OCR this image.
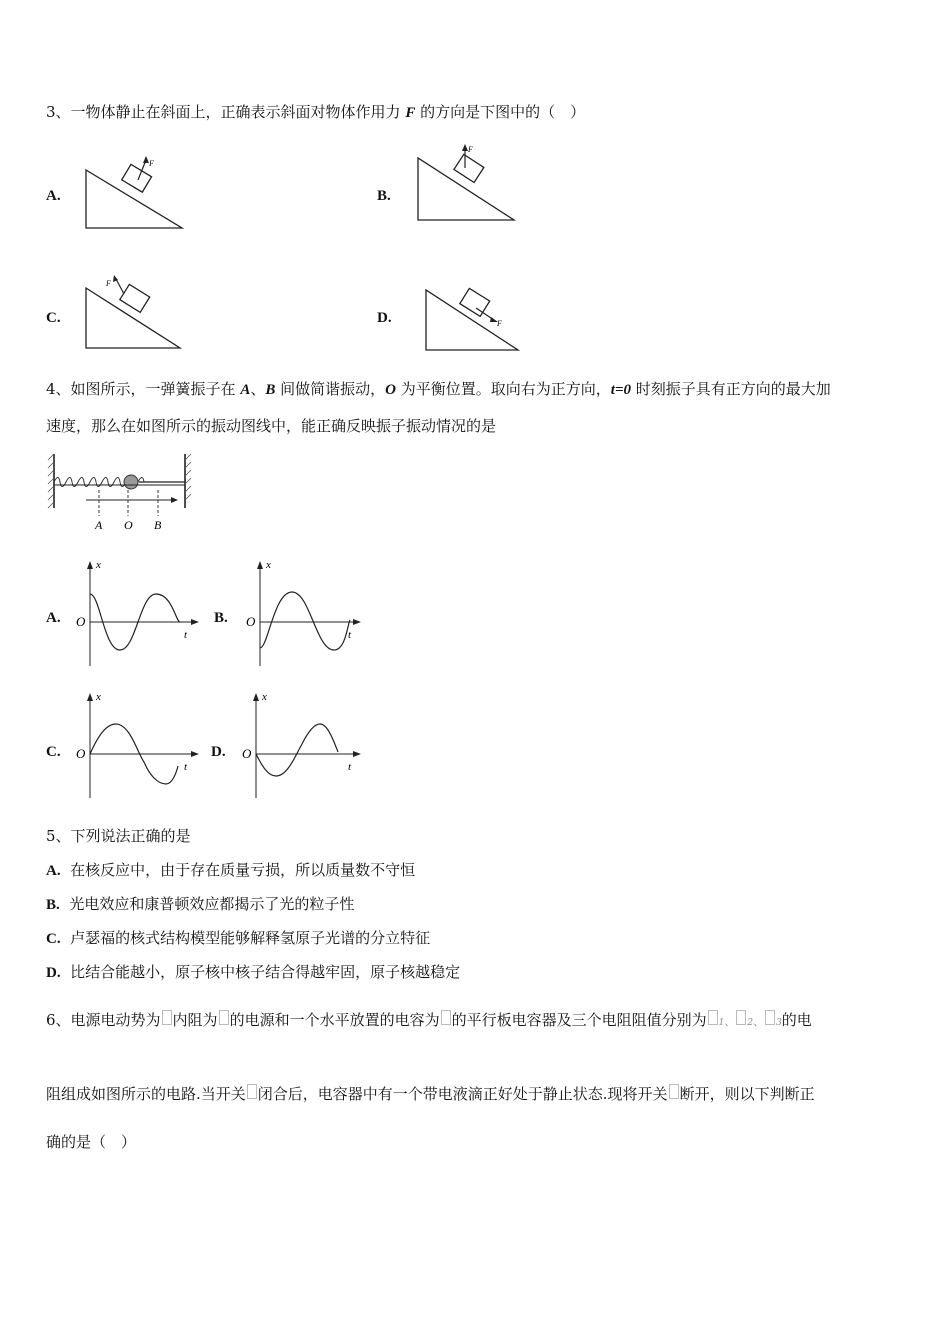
3、一物体静止在斜面上，正确表示斜面对物体作用力 F 的方向是下图中的（　）
A.	B.
C.	D.
F
F
F
F
4、如图所示，一弹簧振子在 A、B 间做简谐振动，O 为平衡位置。取向右为正方向，t=0 时刻振子具有正方向的最大加
速度，那么在如图所示的振动图线中，能正确反映振子振动情况的是
A O B
A.	B.
C.	D.
x
t
O
x
t
O
x
t
O
x
t
O
5、下列说法正确的是
A. 在核反应中，由于存在质量亏损，所以质量数不守恒
B. 光电效应和康普顿效应都揭示了光的粒子性
C. 卢瑟福的核式结构模型能够解释氢原子光谱的分立特征
D. 比结合能越小，原子核中核子结合得越牢固，原子核越稳定
6、电源电动势为 内阻为 的电源和一个水平放置的电容为 的平行板电容器及三个电阻阻值分别为 1、 2、 3的电
阻组成如图所示的电路.当开关 闭合后，电容器中有一个带电液滴正好处于静止状态.现将开关 断开，则以下判断正
确的是（　）
